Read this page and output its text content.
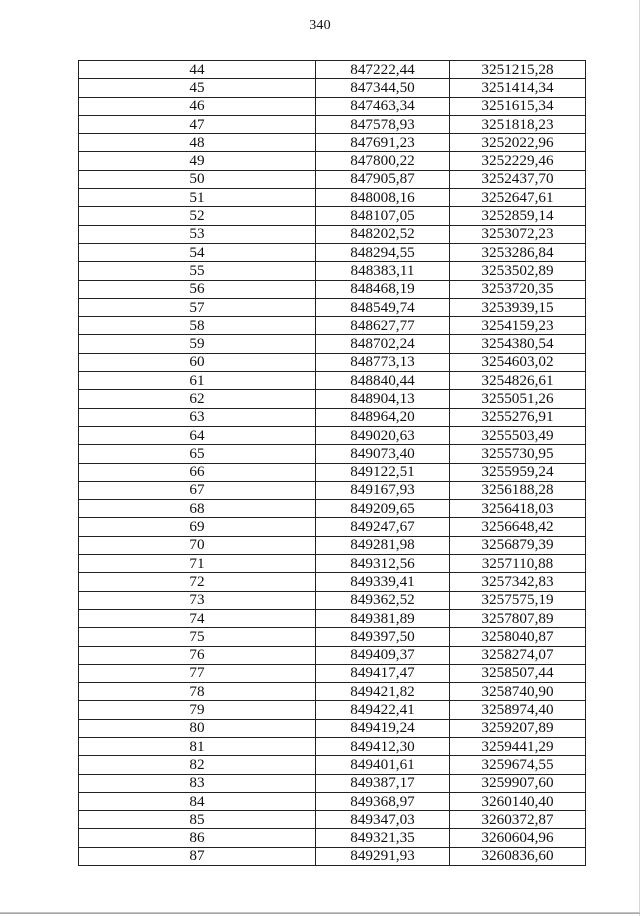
340
44	847222,44	3251215,28
45	847344,50	3251414,34
46	847463,34	3251615,34
47	847578,93	3251818,23
48	847691,23	3252022,96
49	847800,22	3252229,46
50	847905,87	3252437,70
51	848008,16	3252647,61
52	848107,05	3252859,14
53	848202,52	3253072,23
54	848294,55	3253286,84
55	848383,11	3253502,89
56	848468,19	3253720,35
57	848549,74	3253939,15
58	848627,77	3254159,23
59	848702,24	3254380,54
60	848773,13	3254603,02
61	848840,44	3254826,61
62	848904,13	3255051,26
63	848964,20	3255276,91
64	849020,63	3255503,49
65	849073,40	3255730,95
66	849122,51	3255959,24
67	849167,93	3256188,28
68	849209,65	3256418,03
69	849247,67	3256648,42
70	849281,98	3256879,39
71	849312,56	3257110,88
72	849339,41	3257342,83
73	849362,52	3257575,19
74	849381,89	3257807,89
75	849397,50	3258040,87
76	849409,37	3258274,07
77	849417,47	3258507,44
78	849421,82	3258740,90
79	849422,41	3258974,40
80	849419,24	3259207,89
81	849412,30	3259441,29
82	849401,61	3259674,55
83	849387,17	3259907,60
84	849368,97	3260140,40
85	849347,03	3260372,87
86	849321,35	3260604,96
87	849291,93	3260836,60
